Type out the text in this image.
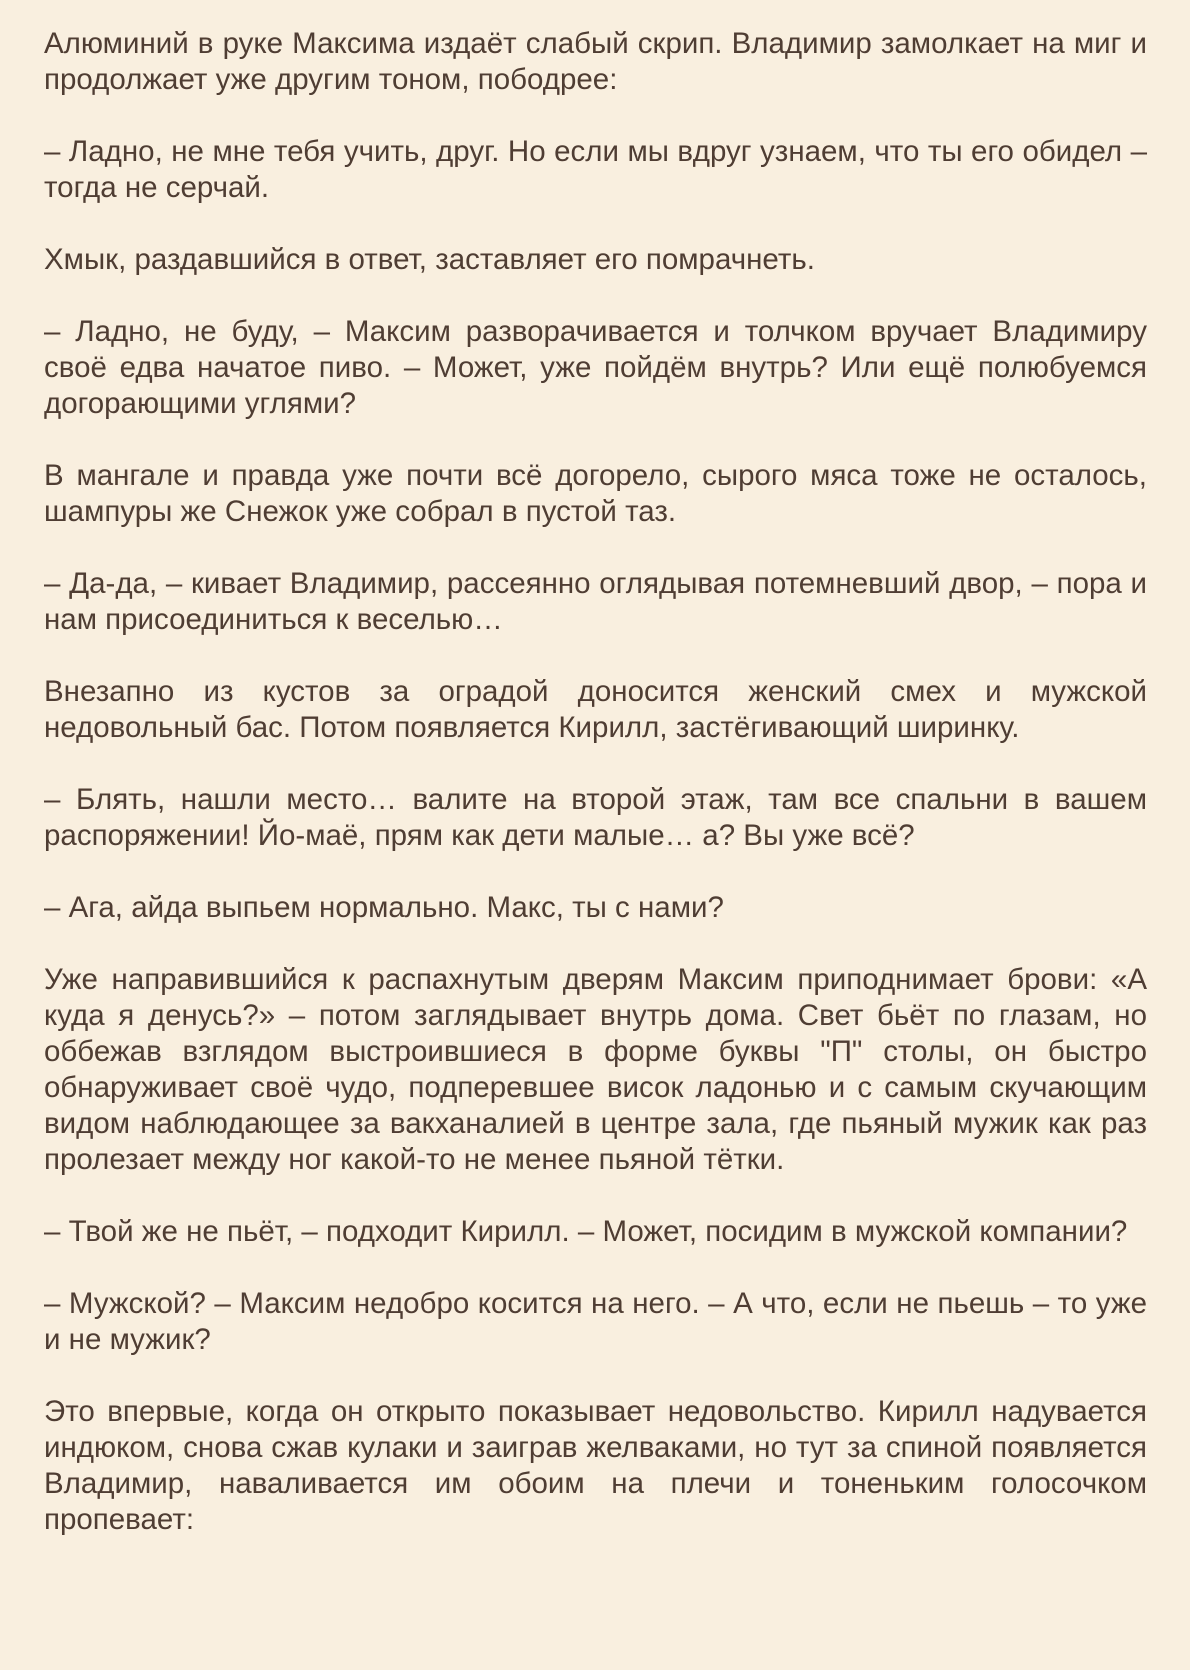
Алюминий в руке Максима издаёт слабый скрип. Владимир замолкает на миг и продолжает уже другим тоном, пободрее:

– Ладно, не мне тебя учить, друг. Но если мы вдруг узнаем, что ты его обидел – тогда не серчай.

Хмык, раздавшийся в ответ, заставляет его помрачнеть.

– Ладно, не буду, – Максим разворачивается и толчком вручает Владимиру своё едва начатое пиво. – Может, уже пойдём внутрь? Или ещё полюбуемся догорающими углями?

В мангале и правда уже почти всё догорело, сырого мяса тоже не осталось, шампуры же Снежок уже собрал в пустой таз.

– Да-да, – кивает Владимир, рассеянно оглядывая потемневший двор, – пора и нам присоединиться к веселью…

Внезапно из кустов за оградой доносится женский смех и мужской недовольный бас. Потом появляется Кирилл, застёгивающий ширинку.

– Блять, нашли место… валите на второй этаж, там все спальни в вашем распоряжении! Йо-маё, прям как дети малые… а? Вы уже всё?

– Ага, айда выпьем нормально. Макс, ты с нами?

Уже направившийся к распахнутым дверям Максим приподнимает брови: «А куда я денусь?» – потом заглядывает внутрь дома. Свет бьёт по глазам, но оббежав взглядом выстроившиеся в форме буквы "П" столы, он быстро обнаруживает своё чудо, подперевшее висок ладонью и с самым скучающим видом наблюдающее за вакханалией в центре зала, где пьяный мужик как раз пролезает между ног какой-то не менее пьяной тётки.

– Твой же не пьёт, – подходит Кирилл. – Может, посидим в мужской компании?

– Мужской? – Максим недобро косится на него. – А что, если не пьешь – то уже и не мужик?

Это впервые, когда он открыто показывает недовольство. Кирилл надувается индюком, снова сжав кулаки и заиграв желваками, но тут за спиной появляется Владимир, наваливается им обоим на плечи и тоненьким голосочком пропевает:
